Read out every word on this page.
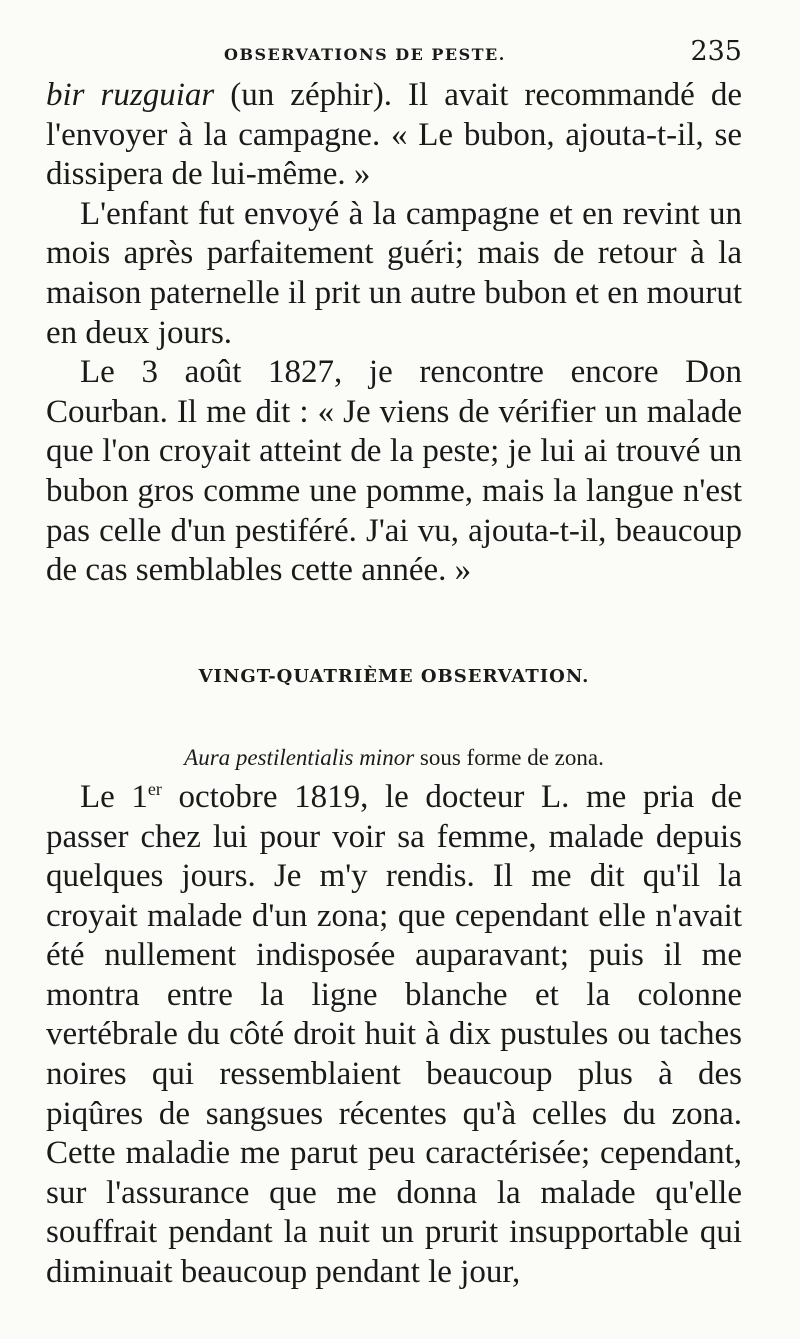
OBSERVATIONS DE PESTE.	235

bir ruzguiar (un zéphir). Il avait recommandé de l'envoyer à la campagne. « Le bubon, ajouta-t-il, se dissipera de lui-même. »

L'enfant fut envoyé à la campagne et en revint un mois après parfaitement guéri; mais de retour à la maison paternelle il prit un autre bubon et en mourut en deux jours.

Le 3 août 1827, je rencontre encore Don Courban. Il me dit : « Je viens de vérifier un malade que l'on croyait atteint de la peste; je lui ai trouvé un bubon gros comme une pomme, mais la langue n'est pas celle d'un pestiféré. J'ai vu, ajouta-t-il, beaucoup de cas semblables cette année. »

VINGT-QUATRIÈME OBSERVATION.
Aura pestilentialis minor sous forme de zona.

Le 1er octobre 1819, le docteur L. me pria de passer chez lui pour voir sa femme, malade depuis quelques jours. Je m'y rendis. Il me dit qu'il la croyait malade d'un zona; que cependant elle n'avait été nullement indisposée auparavant; puis il me montra entre la ligne blanche et la colonne vertébrale du côté droit huit à dix pustules ou taches noires qui ressemblaient beaucoup plus à des piqûres de sangsues récentes qu'à celles du zona. Cette maladie me parut peu caractérisée; cependant, sur l'assurance que me donna la malade qu'elle souffrait pendant la nuit un prurit insupportable qui diminuait beaucoup pendant le jour,
